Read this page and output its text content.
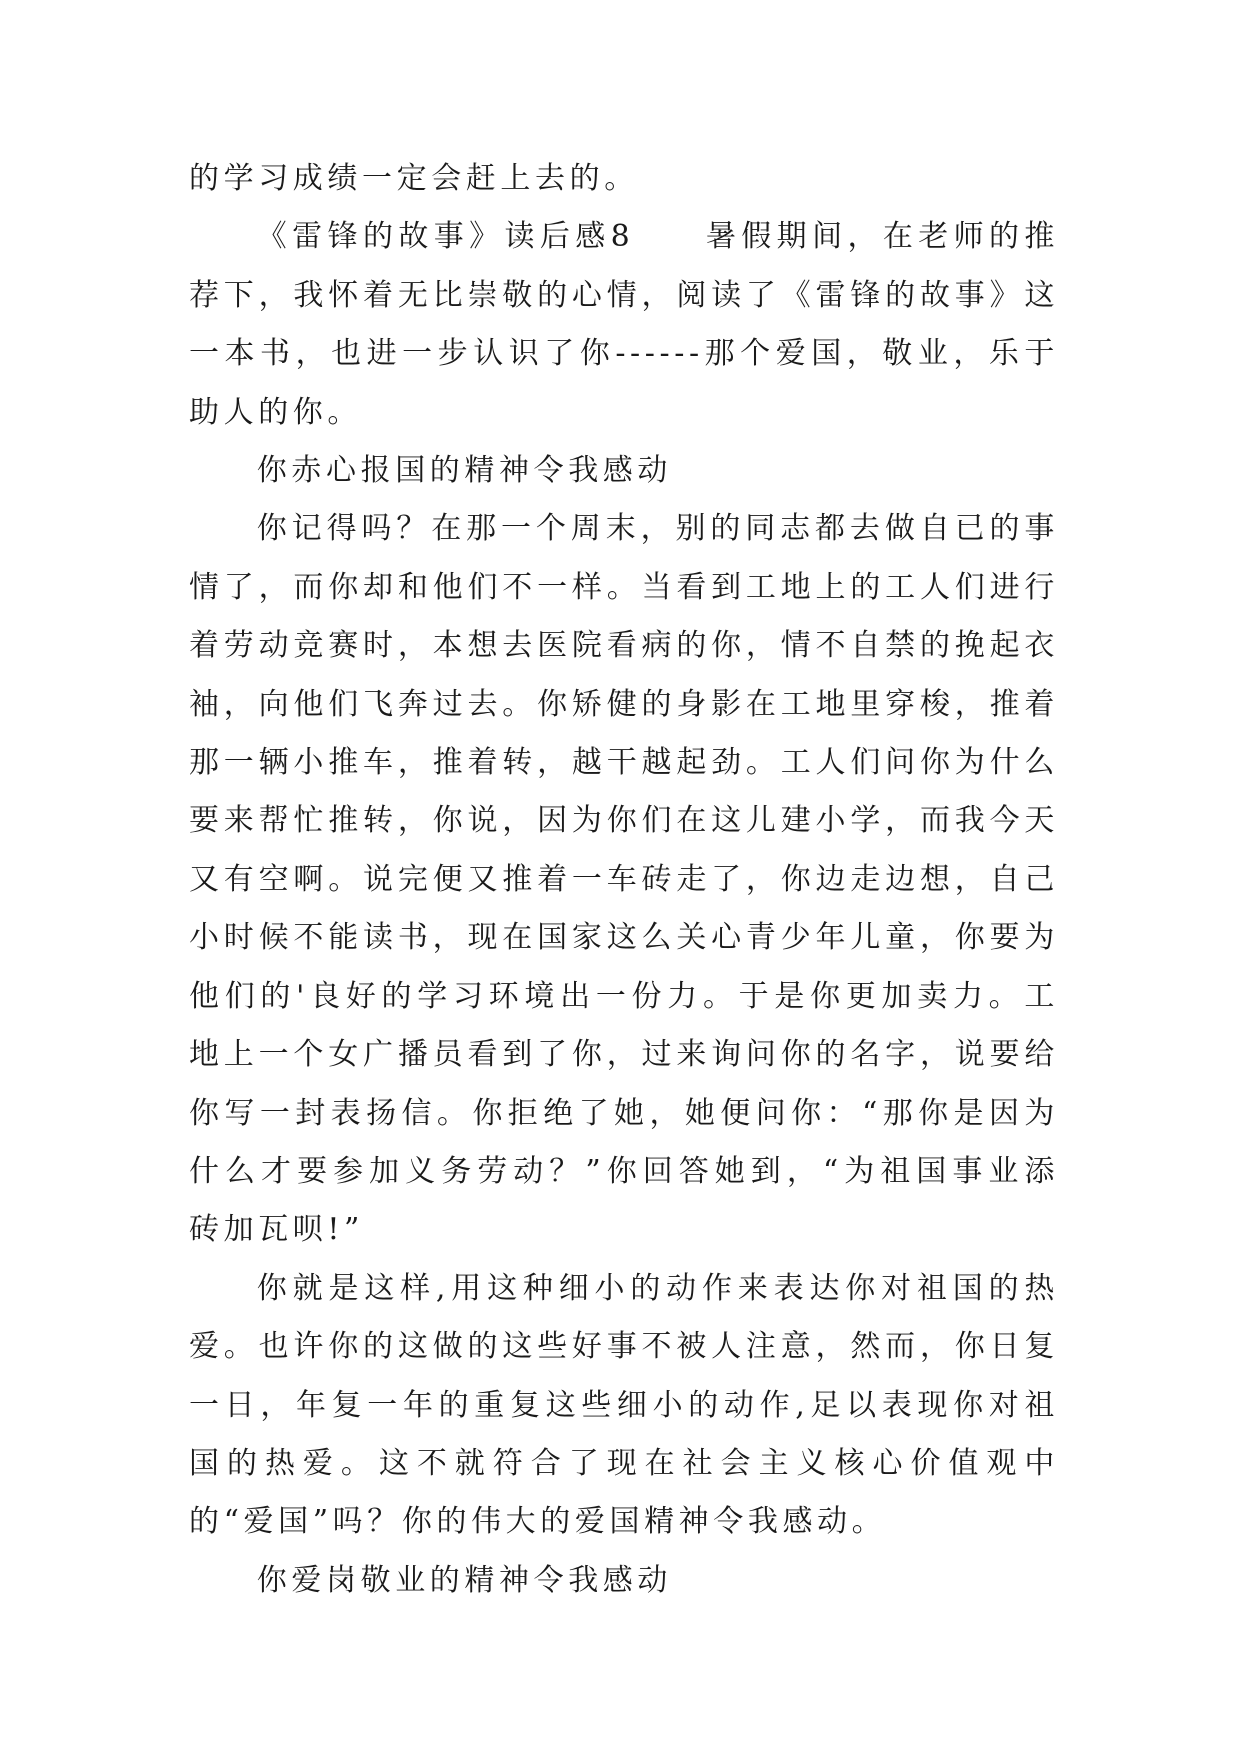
的学习成绩一定会赶上去的。

《雷锋的故事》读后感8　　暑假期间，在老师的推荐下，我怀着无比崇敬的心情，阅读了《雷锋的故事》这一本书，也进一步认识了你------那个爱国，敬业，乐于助人的你。

你赤心报国的精神令我感动

你记得吗？在那一个周末，别的同志都去做自已的事情了，而你却和他们不一样。当看到工地上的工人们进行着劳动竞赛时，本想去医院看病的你，情不自禁的挽起衣袖，向他们飞奔过去。你矫健的身影在工地里穿梭，推着那一辆小推车，推着转，越干越起劲。工人们问你为什么要来帮忙推转，你说，因为你们在这儿建小学，而我今天又有空啊。说完便又推着一车砖走了，你边走边想，自己小时候不能读书，现在国家这么关心青少年儿童，你要为他们的'良好的学习环境出一份力。于是你更加卖力。工地上一个女广播员看到了你，过来询问你的名字，说要给你写一封表扬信。你拒绝了她，她便问你：“那你是因为什么才要参加义务劳动？”你回答她到，“为祖国事业添砖加瓦呗!”

你就是这样,用这种细小的动作来表达你对祖国的热爱。也许你的这做的这些好事不被人注意，然而，你日复一日，年复一年的重复这些细小的动作,足以表现你对祖国的热爱。这不就符合了现在社会主义核心价值观中的“爱国”吗？你的伟大的爱国精神令我感动。

你爱岗敬业的精神令我感动
